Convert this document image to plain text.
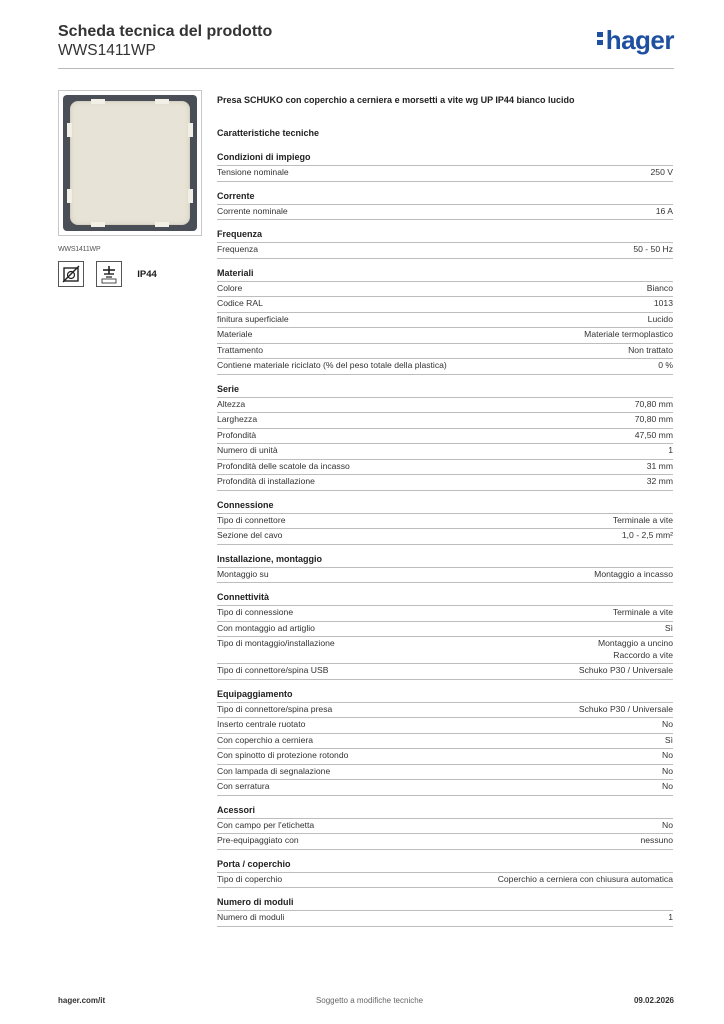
Scheda tecnica del prodotto
WWS1411WP	hager
WWS1411WP
IP44
Presa SCHUKO con coperchio a cerniera e morsetti a vite wg UP IP44 bianco lucido
Caratteristiche tecniche
Condizioni di impiego
Tensione nominale	250 V
Corrente
Corrente nominale	16 A
Frequenza
Frequenza	50 - 50 Hz
Materiali
Colore	Bianco
Codice RAL	1013
finitura superficiale	Lucido
Materiale	Materiale termoplastico
Trattamento	Non trattato
Contiene materiale riciclato (% del peso totale della plastica)	0 %
Serie
Altezza	70,80 mm
Larghezza	70,80 mm
Profondità	47,50 mm
Numero di unità	1
Profondità delle scatole da incasso	31 mm
Profondità di installazione	32 mm
Connessione
Tipo di connettore	Terminale a vite
Sezione del cavo	1,0 - 2,5 mm²
Installazione, montaggio
Montaggio su	Montaggio a incasso
Connettività
Tipo di connessione	Terminale a vite
Con montaggio ad artiglio	Sì
Tipo di montaggio/installazione	Montaggio a uncino
Raccordo a vite
Tipo di connettore/spina USB	Schuko P30 / Universale
Equipaggiamento
Tipo di connettore/spina presa	Schuko P30 / Universale
Inserto centrale ruotato	No
Con coperchio a cerniera	Sì
Con spinotto di protezione rotondo	No
Con lampada di segnalazione	No
Con serratura	No
Acessori
Con campo per l'etichetta	No
Pre-equipaggiato con	nessuno
Porta / coperchio
Tipo di coperchio	Coperchio a cerniera con chiusura automatica
Numero di moduli
Numero di moduli	1
hager.com/it	Soggetto a modifiche tecniche	09.02.2026
